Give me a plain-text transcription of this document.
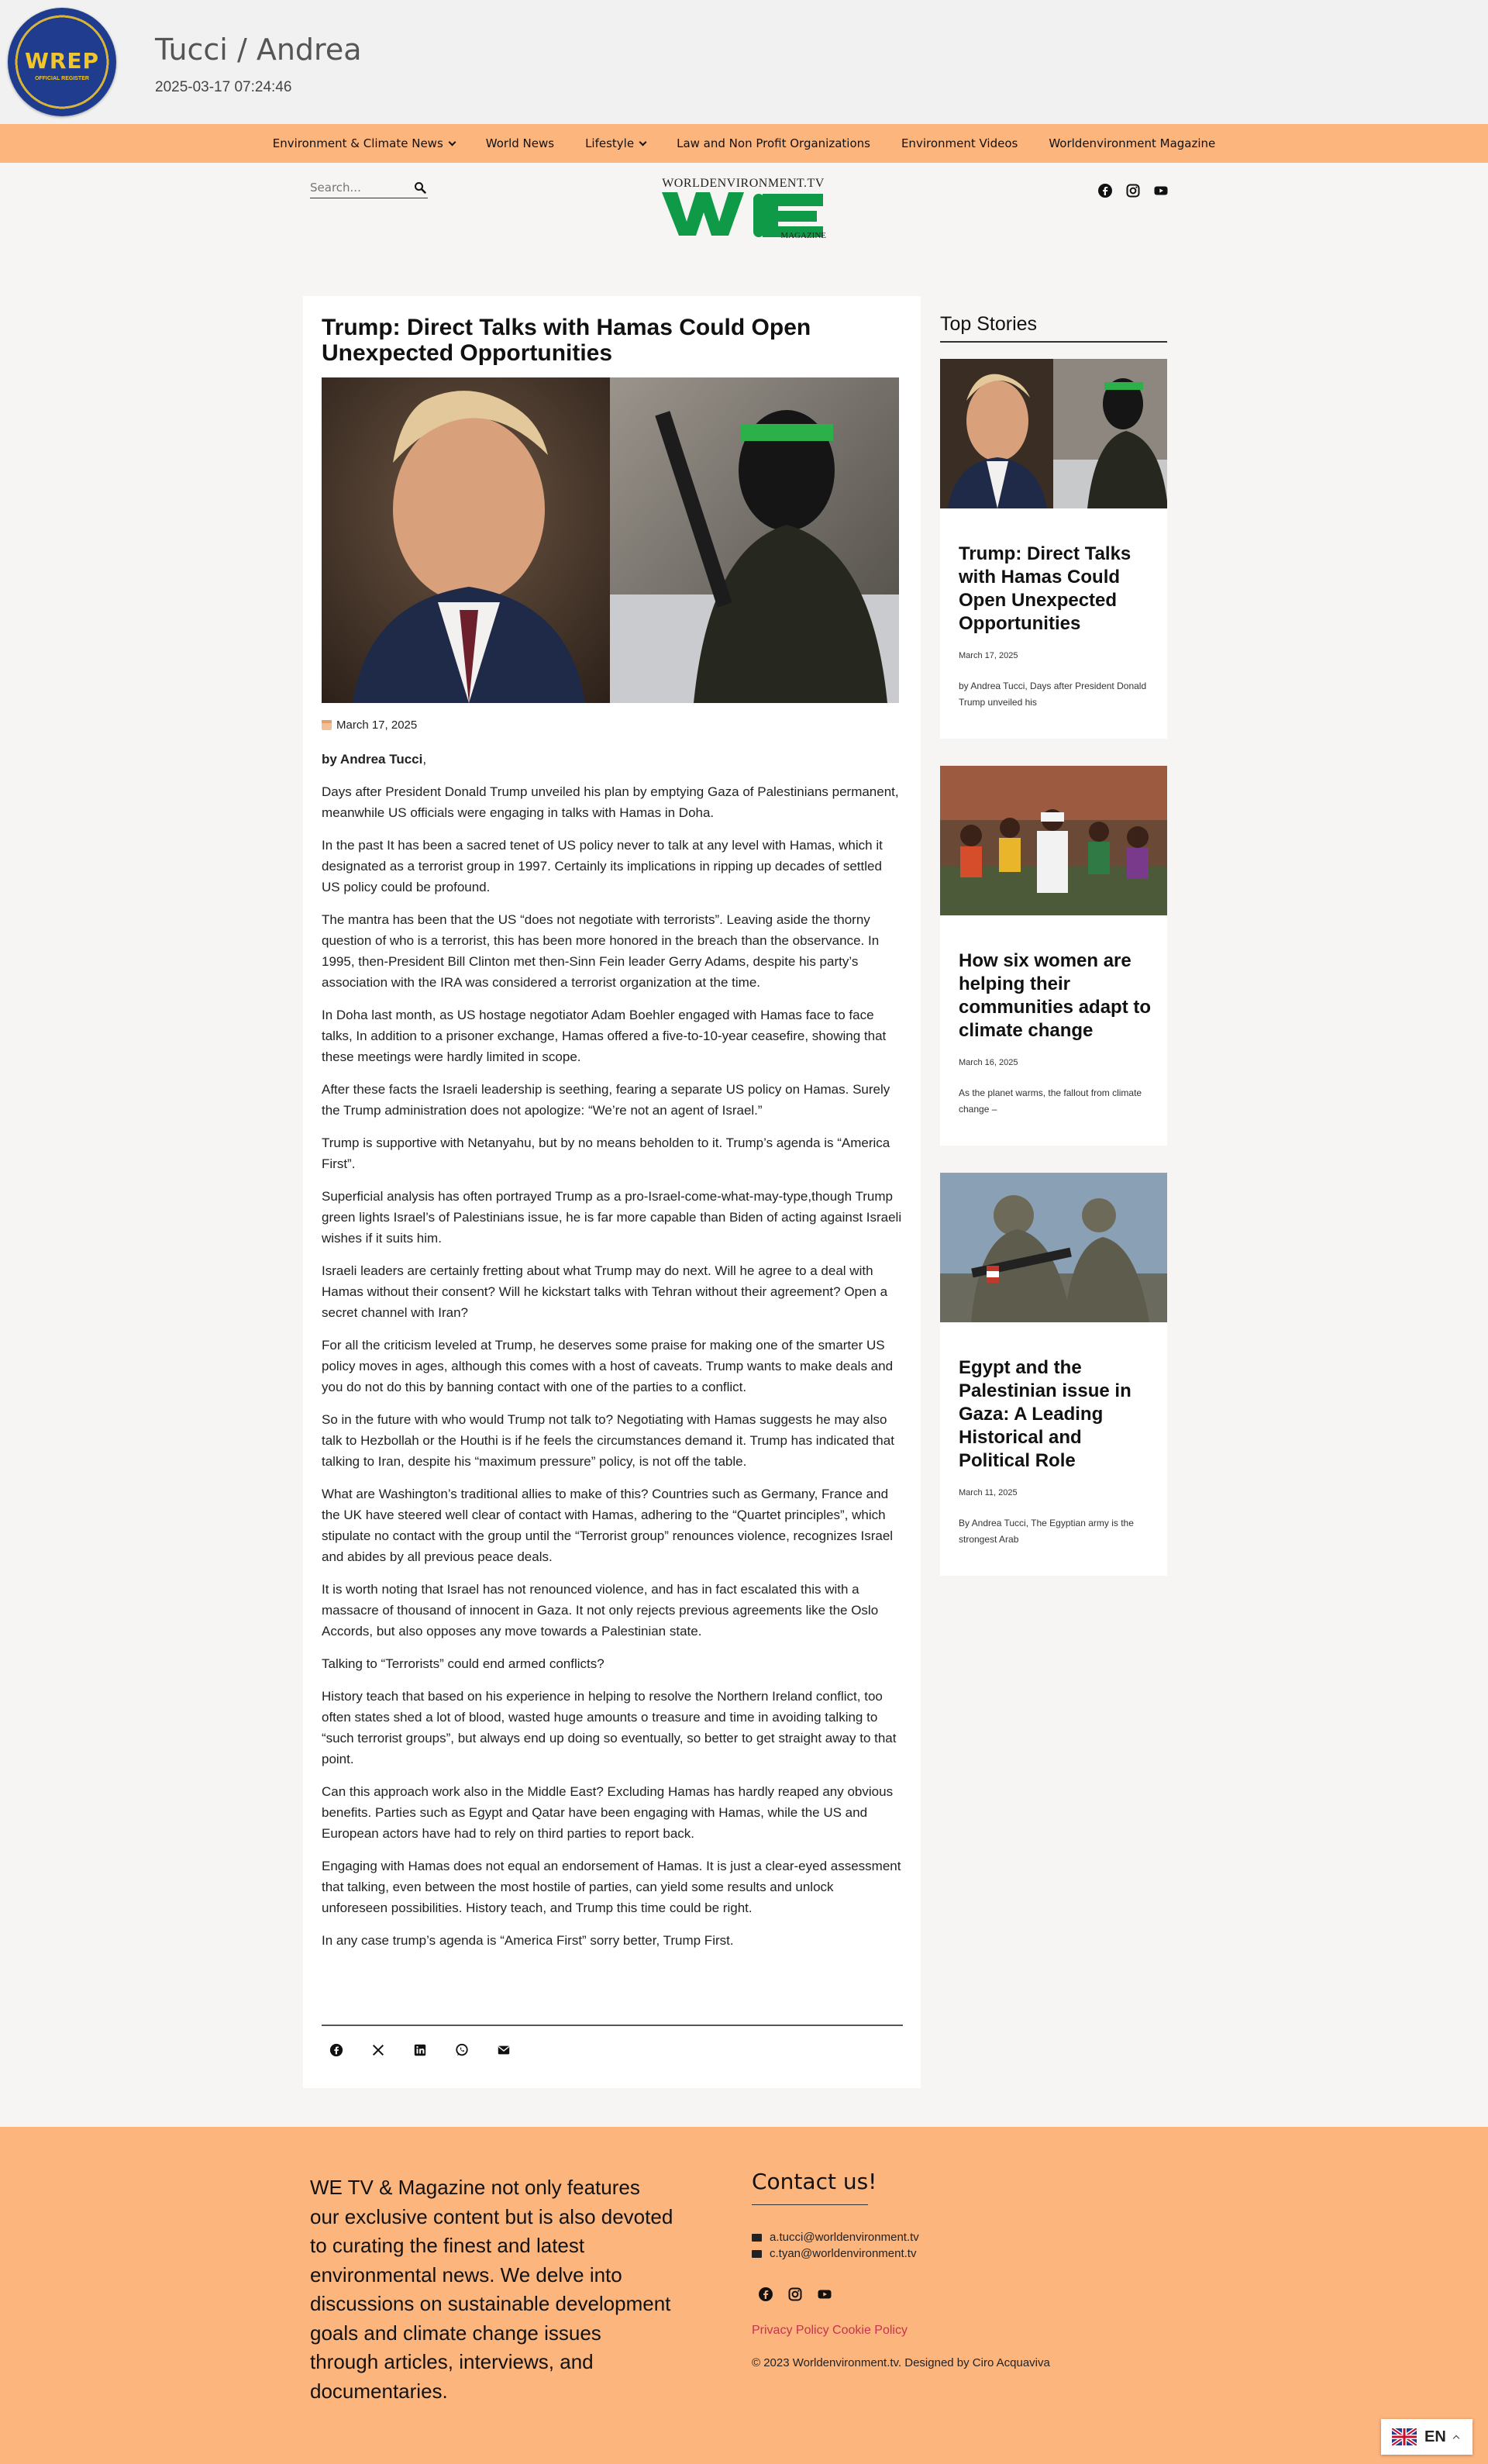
WREP
OFFICIAL REGISTER
Tucci / Andrea
2025-03-17 07:24:46
Environment & Climate News	World News	Lifestyle	Law and Non Profit Organizations	Environment Videos	Worldenvironment Magazine
Search...
WORLDENVIRONMENT.TV
MAGAZINE
Trump: Direct Talks with Hamas Could Open Unexpected Opportunities
March 17, 2025

by Andrea Tucci,

Days after President Donald Trump unveiled his plan by emptying Gaza of Palestinians permanent, meanwhile US officials were engaging in talks with Hamas in Doha.

In the past It has been a sacred tenet of US policy never to talk at any level with Hamas, which it designated as a terrorist group in 1997. Certainly its implications in ripping up decades of settled US policy could be profound.

The mantra has been that the US “does not negotiate with terrorists”. Leaving aside the thorny question of who is a terrorist, this has been more honored in the breach than the observance. In 1995, then-President Bill Clinton met then-Sinn Fein leader Gerry Adams, despite his party’s association with the IRA was considered a terrorist organization at the time.

In Doha last month, as US hostage negotiator Adam Boehler engaged with Hamas face to face talks, In addition to a prisoner exchange, Hamas offered a five-to-10-year ceasefire, showing that these meetings were hardly limited in scope.

After these facts the Israeli leadership is seething, fearing a separate US policy on Hamas. Surely the Trump administration does not apologize: “We’re not an agent of Israel.”

Trump is supportive with Netanyahu, but by no means beholden to it. Trump’s agenda is “America First”.

Superficial analysis has often portrayed Trump as a pro-Israel-come-what-may-type,though Trump green lights Israel’s of Palestinians issue, he is far more capable than Biden of acting against Israeli wishes if it suits him.

Israeli leaders are certainly fretting about what Trump may do next. Will he agree to a deal with Hamas without their consent? Will he kickstart talks with Tehran without their agreement? Open a secret channel with Iran?

For all the criticism leveled at Trump, he deserves some praise for making one of the smarter US policy moves in ages, although this comes with a host of caveats. Trump wants to make deals and you do not do this by banning contact with one of the parties to a conflict.

So in the future with who would Trump not talk to? Negotiating with Hamas suggests he may also talk to Hezbollah or the Houthi is if he feels the circumstances demand it. Trump has indicated that talking to Iran, despite his “maximum pressure” policy, is not off the table.

What are Washington’s traditional allies to make of this? Countries such as Germany, France and the UK have steered well clear of contact with Hamas, adhering to the “Quartet principles”, which stipulate no contact with the group until the “Terrorist group” renounces violence, recognizes Israel and abides by all previous peace deals.

It is worth noting that Israel has not renounced violence, and has in fact escalated this with a massacre of thousand of innocent in Gaza. It not only rejects previous agreements like the Oslo Accords, but also opposes any move towards a Palestinian state.

Talking to “Terrorists” could end armed conflicts?

History teach that based on his experience in helping to resolve the Northern Ireland conflict, too often states shed a lot of blood, wasted huge amounts o treasure and time in avoiding talking to “such terrorist groups”, but always end up doing so eventually, so better to get straight away to that point.

Can this approach work also in the Middle East? Excluding Hamas has hardly reaped any obvious benefits. Parties such as Egypt and Qatar have been engaging with Hamas, while the US and European actors have had to rely on third parties to report back.

Engaging with Hamas does not equal an endorsement of Hamas. It is just a clear-eyed assessment that talking, even between the most hostile of parties, can yield some results and unlock unforeseen possibilities. History teach, and Trump this time could be right.

In any case trump’s agenda is “America First” sorry better, Trump First.

Top Stories
Trump: Direct Talks with Hamas Could Open Unexpected Opportunities
March 17, 2025
by Andrea Tucci, Days after President Donald Trump unveiled his
How six women are helping their communities adapt to climate change
March 16, 2025
As the planet warms, the fallout from climate change –
Egypt and the Palestinian issue in Gaza: A Leading Historical and Political Role
March 11, 2025
By Andrea Tucci, The Egyptian army is the strongest Arab
WE TV & Magazine not only features our exclusive content but is also devoted to curating the finest and latest environmental news. We delve into discussions on sustainable development goals and climate change issues through articles, interviews, and documentaries.
Contact us!
a.tucci@worldenvironment.tv
c.tyan@worldenvironment.tv
Privacy Policy Cookie Policy
© 2023 Worldenvironment.tv. Designed by Ciro Acquaviva
EN
